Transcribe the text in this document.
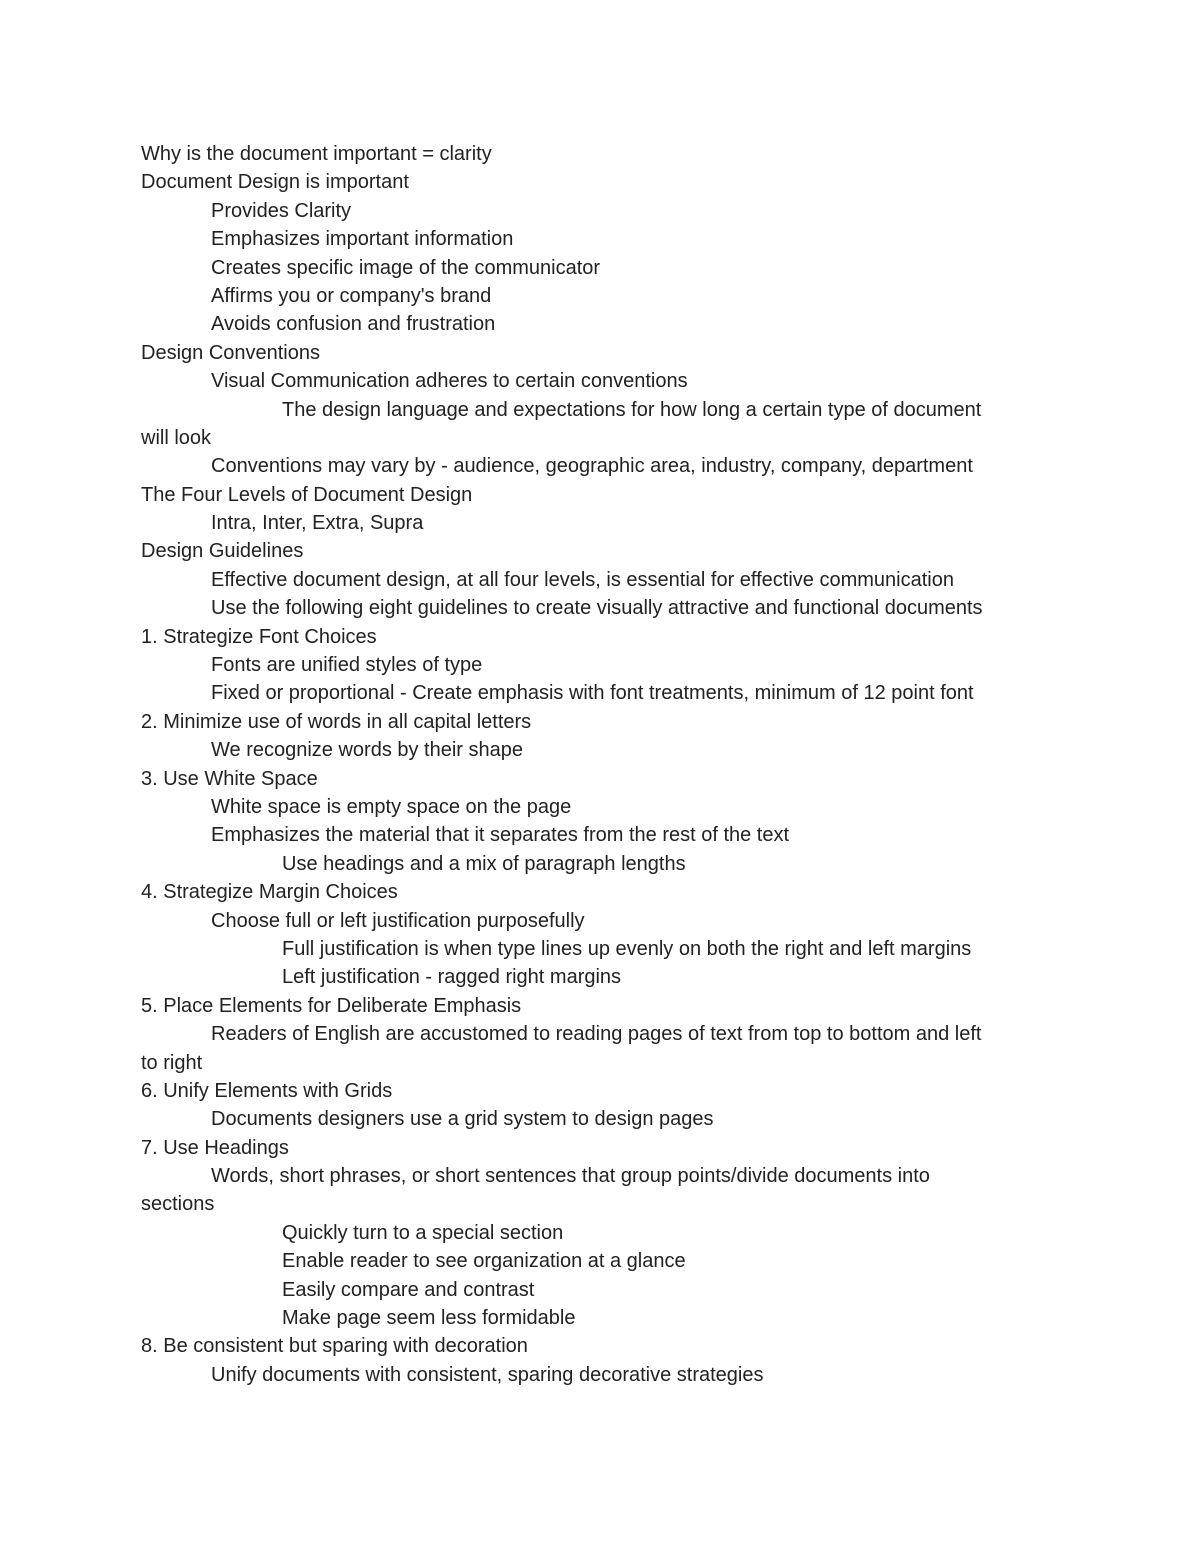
Why is the document important = clarity
Document Design is important
Provides Clarity
Emphasizes important information
Creates specific image of the communicator
Affirms you or company's brand
Avoids confusion and frustration
Design Conventions
Visual Communication adheres to certain conventions
The design language and expectations for how long a certain type of document
will look
Conventions may vary by - audience, geographic area, industry, company, department
The Four Levels of Document Design
Intra, Inter, Extra, Supra
Design Guidelines
Effective document design, at all four levels, is essential for effective communication
Use the following eight guidelines to create visually attractive and functional documents
1. Strategize Font Choices
Fonts are unified styles of type
Fixed or proportional - Create emphasis with font treatments, minimum of 12 point font
2. Minimize use of words in all capital letters
We recognize words by their shape
3. Use White Space
White space is empty space on the page
Emphasizes the material that it separates from the rest of the text
Use headings and a mix of paragraph lengths
4. Strategize Margin Choices
Choose full or left justification purposefully
Full justification is when type lines up evenly on both the right and left margins
Left justification - ragged right margins
5. Place Elements for Deliberate Emphasis
Readers of English are accustomed to reading pages of text from top to bottom and left
to right
6. Unify Elements with Grids
Documents designers use a grid system to design pages
7. Use Headings
Words, short phrases, or short sentences that group points/divide documents into
sections
Quickly turn to a special section
Enable reader to see organization at a glance
Easily compare and contrast
Make page seem less formidable
8. Be consistent but sparing with decoration
Unify documents with consistent, sparing decorative strategies
